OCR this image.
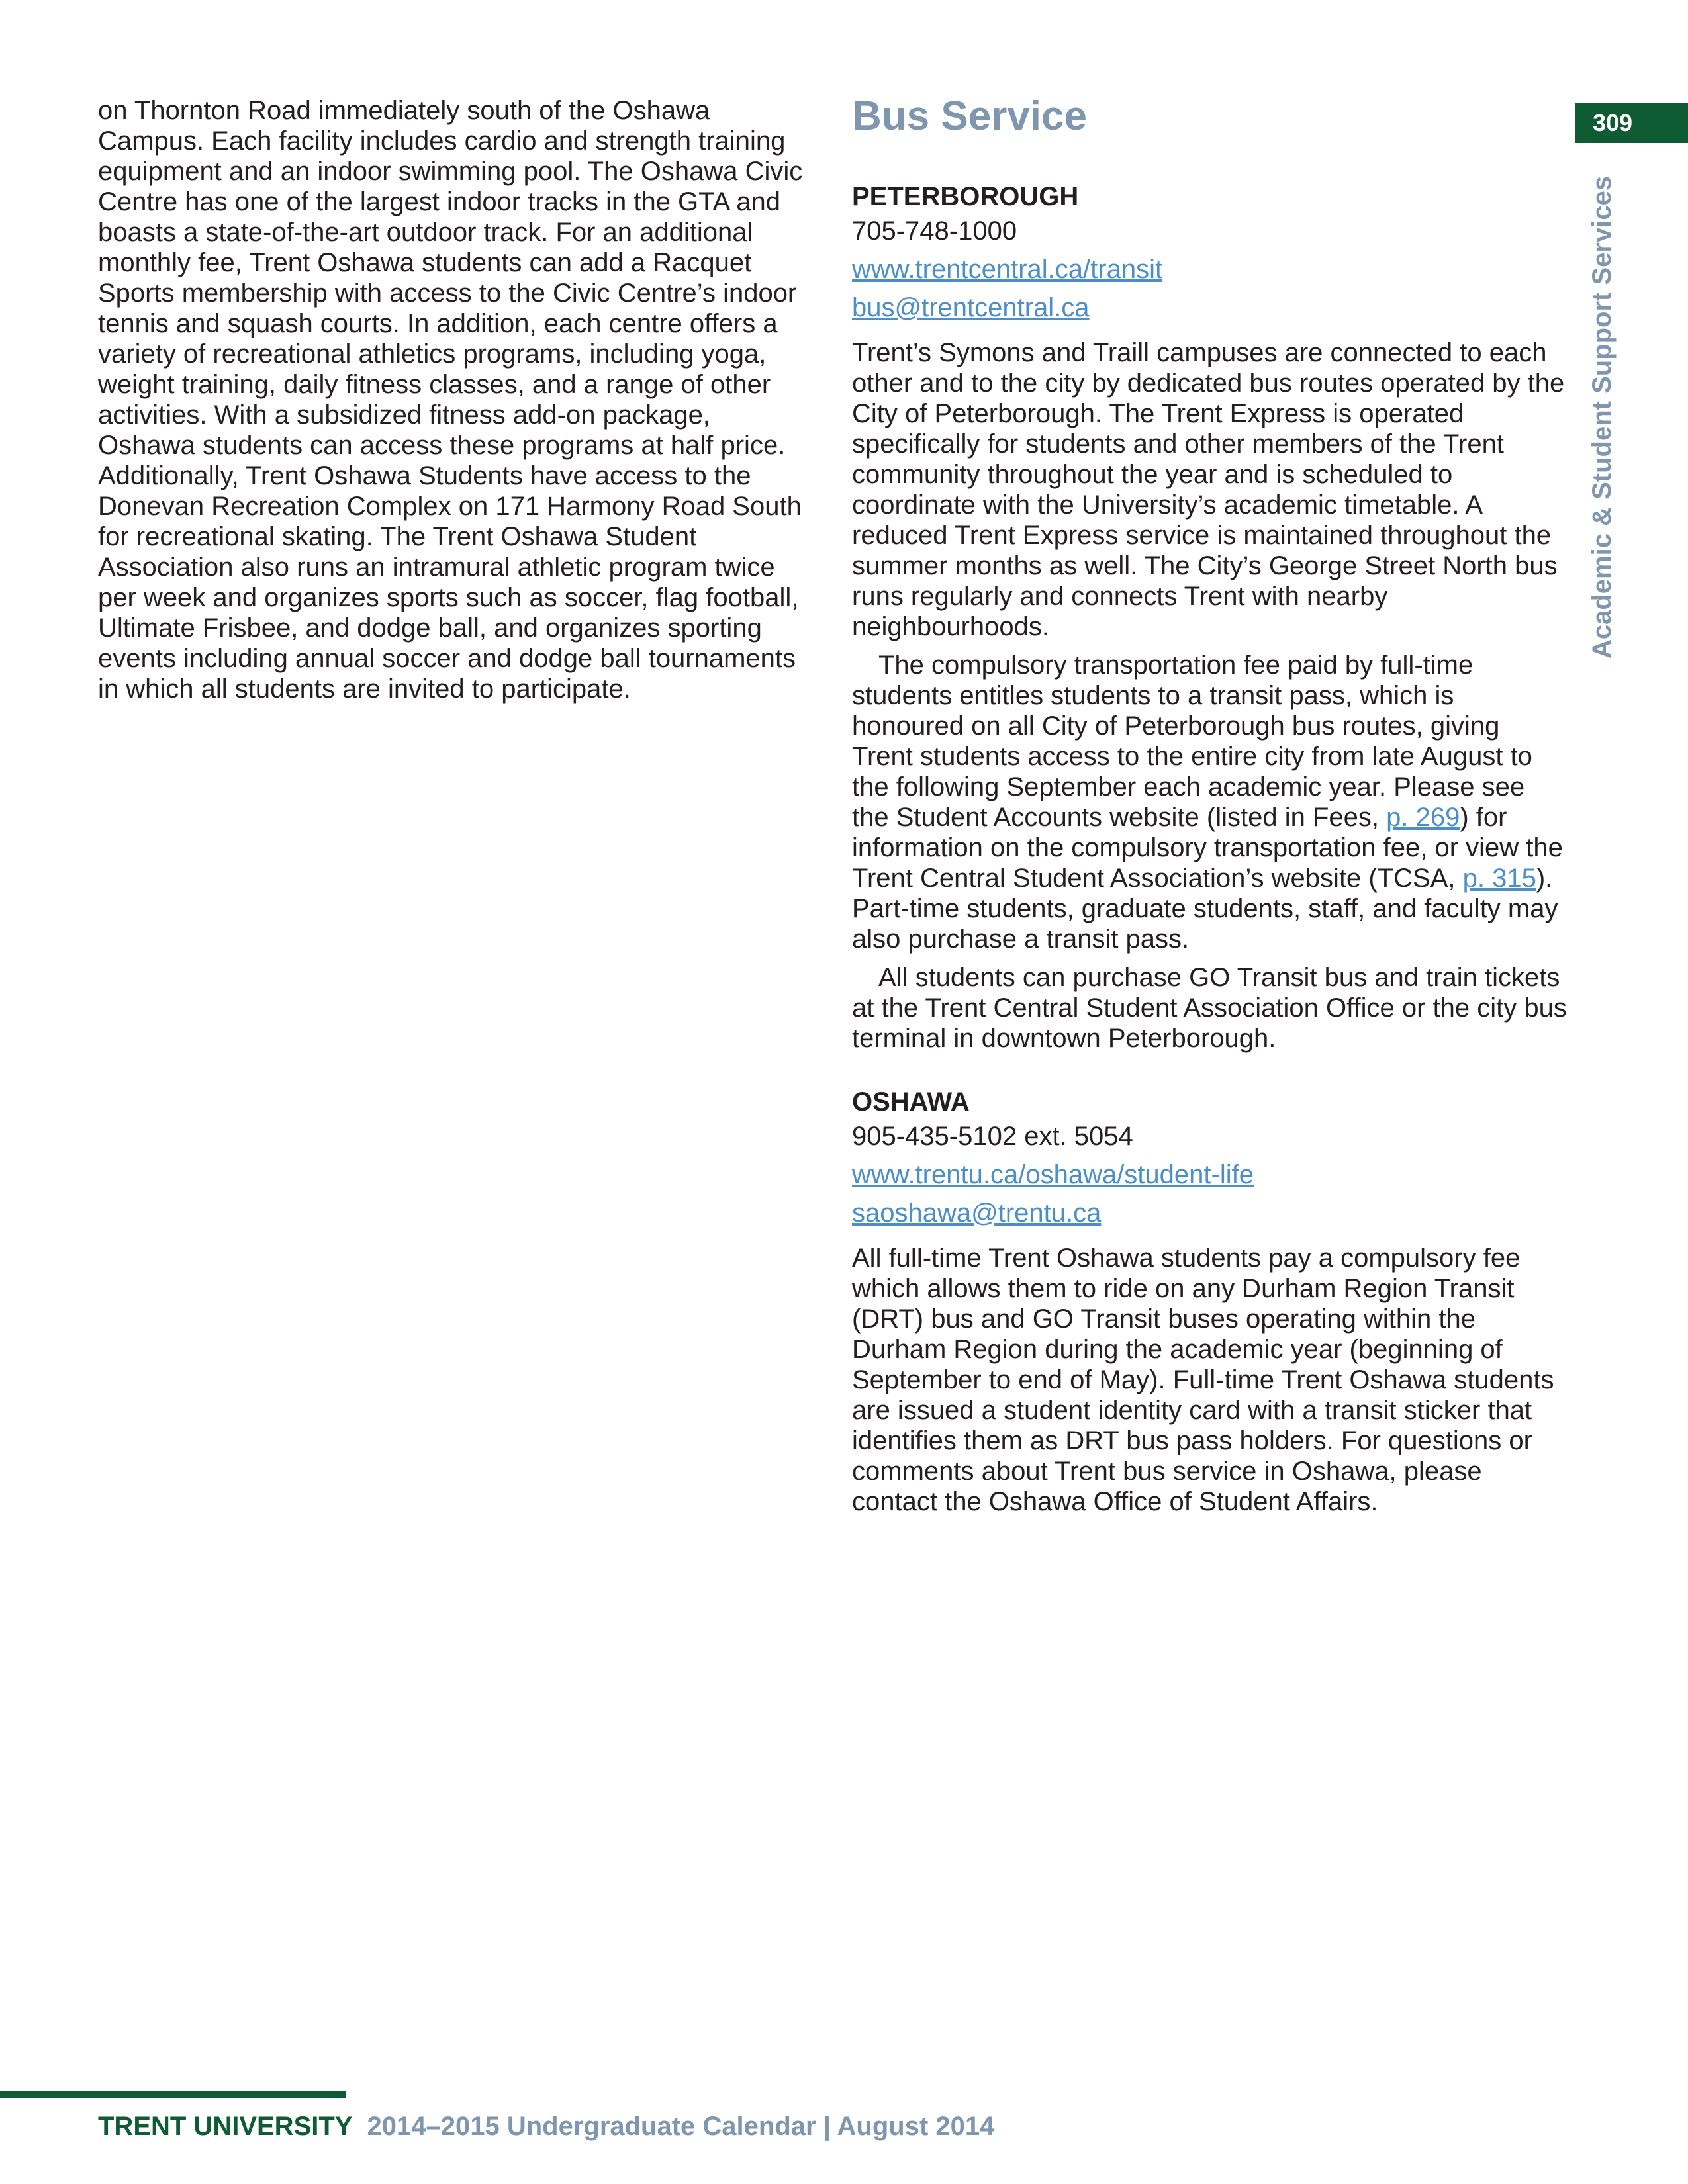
on Thornton Road immediately south of the Oshawa Campus. Each facility includes cardio and strength training equipment and an indoor swimming pool. The Oshawa Civic Centre has one of the largest indoor tracks in the GTA and boasts a state-of-the-art outdoor track. For an additional monthly fee, Trent Oshawa students can add a Racquet Sports membership with access to the Civic Centre’s indoor tennis and squash courts. In addition, each centre offers a variety of recreational athletics programs, including yoga, weight training, daily fitness classes, and a range of other activities. With a subsidized fitness add-on package, Oshawa students can access these programs at half price. Additionally, Trent Oshawa Students have access to the Donevan Recreation Complex on 171 Harmony Road South for recreational skating. The Trent Oshawa Student Association also runs an intramural athletic program twice per week and organizes sports such as soccer, flag football, Ultimate Frisbee, and dodge ball, and organizes sporting events including annual soccer and dodge ball tournaments in which all students are invited to participate.

Bus Service
PETERBOROUGH
705-748-1000
www.trentcentral.ca/transit
bus@trentcentral.ca

Trent’s Symons and Traill campuses are connected to each other and to the city by dedicated bus routes operated by the City of Peterborough. The Trent Express is operated specifically for students and other members of the Trent community throughout the year and is scheduled to coordinate with the University’s academic timetable. A reduced Trent Express service is maintained throughout the summer months as well. The City’s George Street North bus runs regularly and connects Trent with nearby neighbourhoods.

The compulsory transportation fee paid by full-time students entitles students to a transit pass, which is honoured on all City of Peterborough bus routes, giving Trent students access to the entire city from late August to the following September each academic year. Please see the Student Accounts website (listed in Fees, p. 269) for information on the compulsory transportation fee, or view the Trent Central Student Association’s website (TCSA, p. 315). Part-time students, graduate students, staff, and faculty may also purchase a transit pass.

All students can purchase GO Transit bus and train tickets at the Trent Central Student Association Office or the city bus terminal in downtown Peterborough.

OSHAWA
905-435-5102 ext. 5054
www.trentu.ca/oshawa/student-life
saoshawa@trentu.ca

All full-time Trent Oshawa students pay a compulsory fee which allows them to ride on any Durham Region Transit (DRT) bus and GO Transit buses operating within the Durham Region during the academic year (beginning of September to end of May). Full-time Trent Oshawa students are issued a student identity card with a transit sticker that identifies them as DRT bus pass holders. For questions or comments about Trent bus service in Oshawa, please contact the Oshawa Office of Student Affairs.

309
Academic & Student Support Services
TRENT UNIVERSITY 2014–2015 Undergraduate Calendar | August 2014
